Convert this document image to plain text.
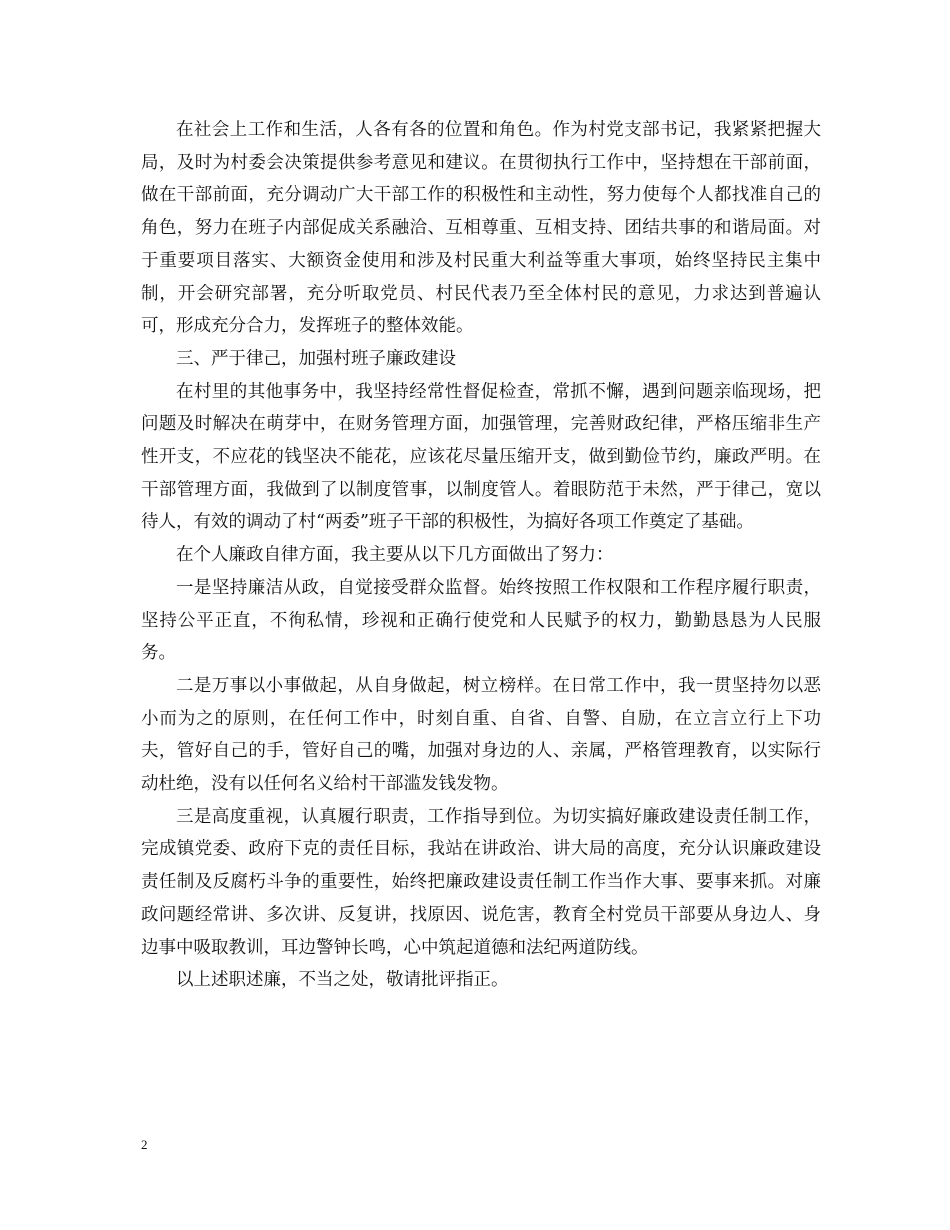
在社会上工作和生活，人各有各的位置和角色。作为村党支部书记，我紧紧把握大局，及时为村委会决策提供参考意见和建议。在贯彻执行工作中，坚持想在干部前面，做在干部前面，充分调动广大干部工作的积极性和主动性，努力使每个人都找准自己的角色，努力在班子内部促成关系融洽、互相尊重、互相支持、团结共事的和谐局面。对于重要项目落实、大额资金使用和涉及村民重大利益等重大事项，始终坚持民主集中制，开会研究部署，充分听取党员、村民代表乃至全体村民的意见，力求达到普遍认可，形成充分合力，发挥班子的整体效能。

三、严于律己，加强村班子廉政建设

在村里的其他事务中，我坚持经常性督促检查，常抓不懈，遇到问题亲临现场，把问题及时解决在萌芽中，在财务管理方面，加强管理，完善财政纪律，严格压缩非生产性开支，不应花的钱坚决不能花，应该花尽量压缩开支，做到勤俭节约，廉政严明。在干部管理方面，我做到了以制度管事，以制度管人。着眼防范于未然，严于律己，宽以待人，有效的调动了村“两委”班子干部的积极性，为搞好各项工作奠定了基础。

在个人廉政自律方面，我主要从以下几方面做出了努力：

一是坚持廉洁从政，自觉接受群众监督。始终按照工作权限和工作程序履行职责，坚持公平正直，不徇私情，珍视和正确行使党和人民赋予的权力，勤勤恳恳为人民服务。

二是万事以小事做起，从自身做起，树立榜样。在日常工作中，我一贯坚持勿以恶小而为之的原则，在任何工作中，时刻自重、自省、自警、自励，在立言立行上下功夫，管好自己的手，管好自己的嘴，加强对身边的人、亲属，严格管理教育，以实际行动杜绝，没有以任何名义给村干部滥发钱发物。

三是高度重视，认真履行职责，工作指导到位。为切实搞好廉政建设责任制工作，完成镇党委、政府下克的责任目标，我站在讲政治、讲大局的高度，充分认识廉政建设责任制及反腐朽斗争的重要性，始终把廉政建设责任制工作当作大事、要事来抓。对廉政问题经常讲、多次讲、反复讲，找原因、说危害，教育全村党员干部要从身边人、身边事中吸取教训，耳边警钟长鸣，心中筑起道德和法纪两道防线。

以上述职述廉，不当之处，敬请批评指正。

2
